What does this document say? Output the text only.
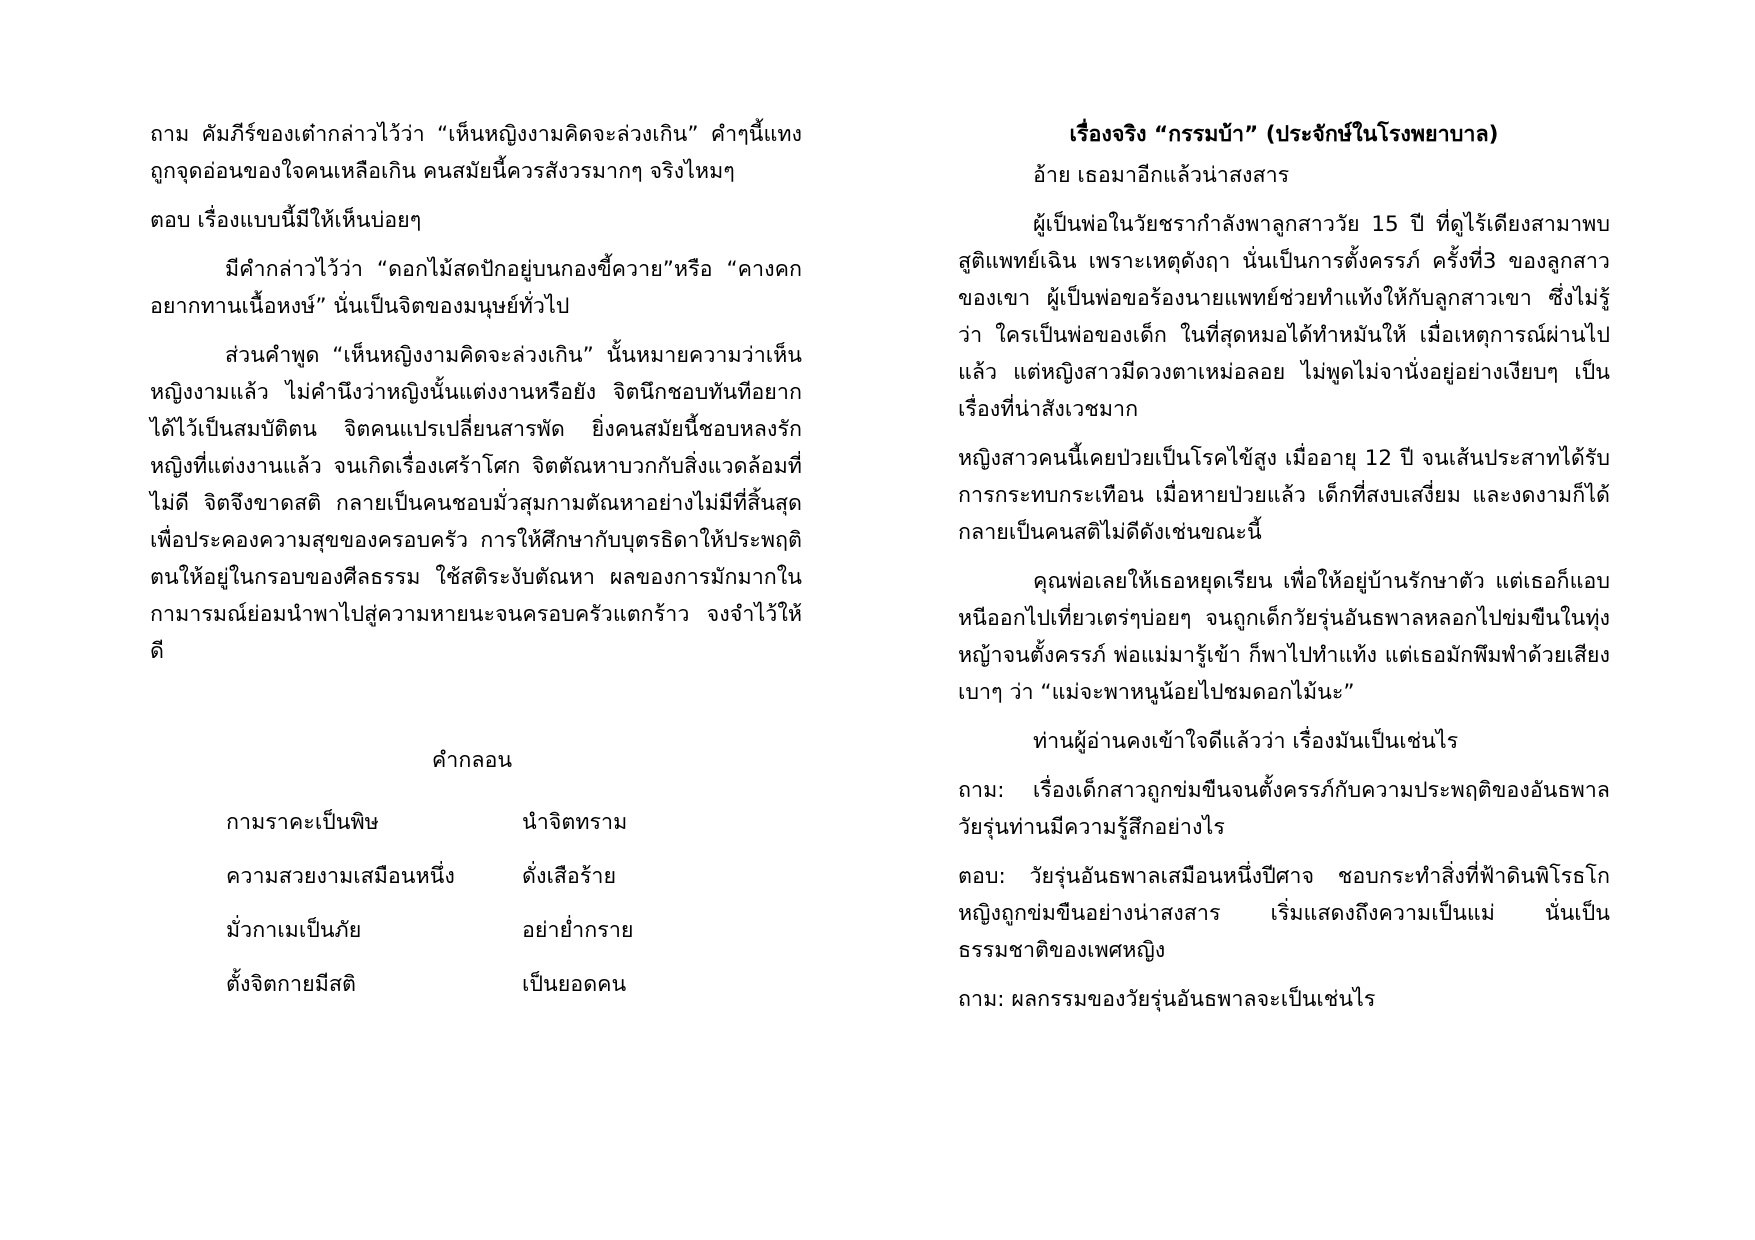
ถาม คัมภีร์ของเต๋ากล่าวไว้ว่า “เห็นหญิงงามคิดจะล่วงเกิน” คำๆนี้แทงถูกจุดอ่อนของใจคนเหลือเกิน คนสมัยนี้ควรสังวรมากๆ จริงไหมๆ

ตอบ เรื่องแบบนี้มีให้เห็นบ่อยๆ

มีคำกล่าวไว้ว่า “ดอกไม้สดปักอยู่บนกองขี้ควาย”หรือ “คางคกอยากทานเนื้อหงษ์” นั่นเป็นจิตของมนุษย์ทั่วไป

ส่วนคำพูด “เห็นหญิงงามคิดจะล่วงเกิน” นั้นหมายความว่าเห็นหญิงงามแล้ว ไม่คำนึงว่าหญิงนั้นแต่งงานหรือยัง จิตนึกชอบทันทีอยากได้ไว้เป็นสมบัติตน จิตคนแปรเปลี่ยนสารพัด ยิ่งคนสมัยนี้ชอบหลงรักหญิงที่แต่งงานแล้ว จนเกิดเรื่องเศร้าโศก จิตตัณหาบวกกับสิ่งแวดล้อมที่ไม่ดี จิตจึงขาดสติ กลายเป็นคนชอบมั่วสุมกามตัณหาอย่างไม่มีที่สิ้นสุด เพื่อประคองความสุขของครอบครัว การให้ศึกษากับบุตรธิดาให้ประพฤติตนให้อยู่ในกรอบของศีลธรรม ใช้สติระงับตัณหา ผลของการมักมากในกามารมณ์ย่อมนำพาไปสู่ความหายนะจนครอบครัวแตกร้าว จงจำไว้ให้ดี

คำกลอน
กามราคะเป็นพิษ	นำจิตทราม
ความสวยงามเสมือนหนึ่ง	ดั่งเสือร้าย
มั่วกาเมเป็นภัย	อย่าย่ำกราย
ตั้งจิตกายมีสติ	เป็นยอดคน
เรื่องจริง “กรรมบ้า” (ประจักษ์ในโรงพยาบาล)

อ้าย เธอมาอีกแล้วน่าสงสาร

ผู้เป็นพ่อในวัยชรากำลังพาลูกสาววัย 15 ปี ที่ดูไร้เดียงสามาพบสูติแพทย์เฉิน เพราะเหตุดังฤา นั่นเป็นการตั้งครรภ์ ครั้งที่3 ของลูกสาวของเขา ผู้เป็นพ่อขอร้องนายแพทย์ช่วยทำแท้งให้กับลูกสาวเขา ซึ่งไม่รู้ว่า ใครเป็นพ่อของเด็ก ในที่สุดหมอได้ทำหมันให้ เมื่อเหตุการณ์ผ่านไปแล้ว แต่หญิงสาวมีดวงตาเหม่อลอย ไม่พูดไม่จานั่งอยู่อย่างเงียบๆ เป็นเรื่องที่น่าสังเวชมาก

หญิงสาวคนนี้เคยป่วยเป็นโรคไข้สูง เมื่ออายุ 12 ปี จนเส้นประสาทได้รับการกระทบกระเทือน เมื่อหายป่วยแล้ว เด็กที่สงบเสงี่ยม และงดงามก็ได้กลายเป็นคนสติไม่ดีดังเช่นขณะนี้

คุณพ่อเลยให้เธอหยุดเรียน เพื่อให้อยู่บ้านรักษาตัว แต่เธอก็แอบหนีออกไปเที่ยวเตร่ๆบ่อยๆ จนถูกเด็กวัยรุ่นอันธพาลหลอกไปข่มขืนในทุ่งหญ้าจนตั้งครรภ์ พ่อแม่มารู้เข้า ก็พาไปทำแท้ง แต่เธอมักพึมพำด้วยเสียงเบาๆ ว่า “แม่จะพาหนูน้อยไปชมดอกไม้นะ”

ท่านผู้อ่านคงเข้าใจดีแล้วว่า เรื่องมันเป็นเช่นไร

ถาม: เรื่องเด็กสาวถูกข่มขืนจนตั้งครรภ์กับความประพฤติของอันธพาลวัยรุ่นท่านมีความรู้สึกอย่างไร

ตอบ: วัยรุ่นอันธพาลเสมือนหนึ่งปีศาจ ชอบกระทำสิ่งที่ฟ้าดินพิโรธโกหญิงถูกข่มขืนอย่างน่าสงสาร เริ่มแสดงถึงความเป็นแม่ นั่นเป็นธรรมชาติของเพศหญิง

ถาม: ผลกรรมของวัยรุ่นอันธพาลจะเป็นเช่นไร
